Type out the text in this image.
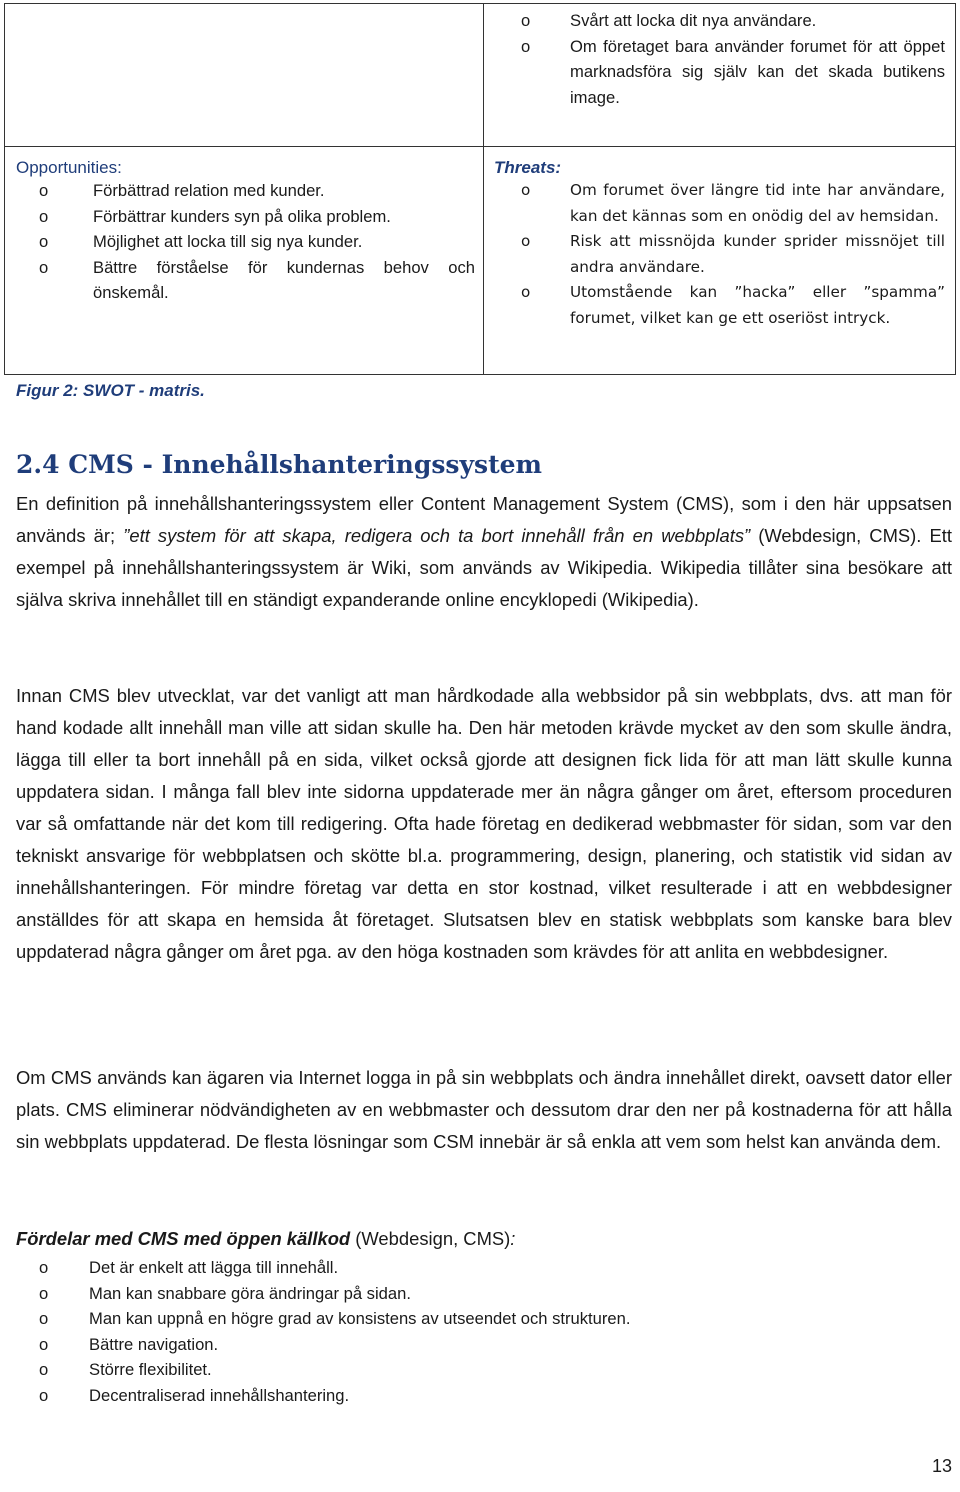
o Svårt att locka dit nya användare.
o Om företaget bara använder forumet för att öppet marknadsföra sig själv kan det skada butikens image.
Opportunities:
o	Förbättrad relation med kunder.
o	Förbättrar kunders syn på olika problem.
o	Möjlighet att locka till sig nya kunder.
o	Bättre förståelse för kundernas behov och önskemål.
Threats:
o	Om forumet över längre tid inte har användare, kan det kännas som en onödig del av hemsidan.
o	Risk att missnöjda kunder sprider missnöjet till andra användare.
o	Utomstående kan ”hacka” eller ”spamma” forumet, vilket kan ge ett oseriöst intryck.
Figur 2: SWOT - matris.
2.4 CMS - Innehållshanteringssystem

En definition på innehållshanteringssystem eller Content Management System (CMS), som i den här uppsatsen används är; ”ett system för att skapa, redigera och ta bort innehåll från en webbplats” (Webdesign, CMS). Ett exempel på innehållshanteringssystem är Wiki, som används av Wikipedia. Wikipedia tillåter sina besökare att själva skriva innehållet till en ständigt expanderande online encyklopedi (Wikipedia).

Innan CMS blev utvecklat, var det vanligt att man hårdkodade alla webbsidor på sin webbplats, dvs. att man för hand kodade allt innehåll man ville att sidan skulle ha. Den här metoden krävde mycket av den som skulle ändra, lägga till eller ta bort innehåll på en sida, vilket också gjorde att designen fick lida för att man lätt skulle kunna uppdatera sidan. I många fall blev inte sidorna uppdaterade mer än några gånger om året, eftersom proceduren var så omfattande när det kom till redigering. Ofta hade företag en dedikerad webbmaster för sidan, som var den tekniskt ansvarige för webbplatsen och skötte bl.a. programmering, design, planering, och statistik vid sidan av innehållshanteringen. För mindre företag var detta en stor kostnad, vilket resulterade i att en webbdesigner anställdes för att skapa en hemsida åt företaget. Slutsatsen blev en statisk webbplats som kanske bara blev uppdaterad några gånger om året pga. av den höga kostnaden som krävdes för att anlita en webbdesigner.

Om CMS används kan ägaren via Internet logga in på sin webbplats och ändra innehållet direkt, oavsett dator eller plats. CMS eliminerar nödvändigheten av en webbmaster och dessutom drar den ner på kostnaderna för att hålla sin webbplats uppdaterad. De flesta lösningar som CSM innebär är så enkla att vem som helst kan använda dem.

Fördelar med CMS med öppen källkod (Webdesign, CMS):
o Det är enkelt att lägga till innehåll.
o Man kan snabbare göra ändringar på sidan.
o Man kan uppnå en högre grad av konsistens av utseendet och strukturen.
o Bättre navigation.
o Större flexibilitet.
o Decentraliserad innehållshantering.
13
